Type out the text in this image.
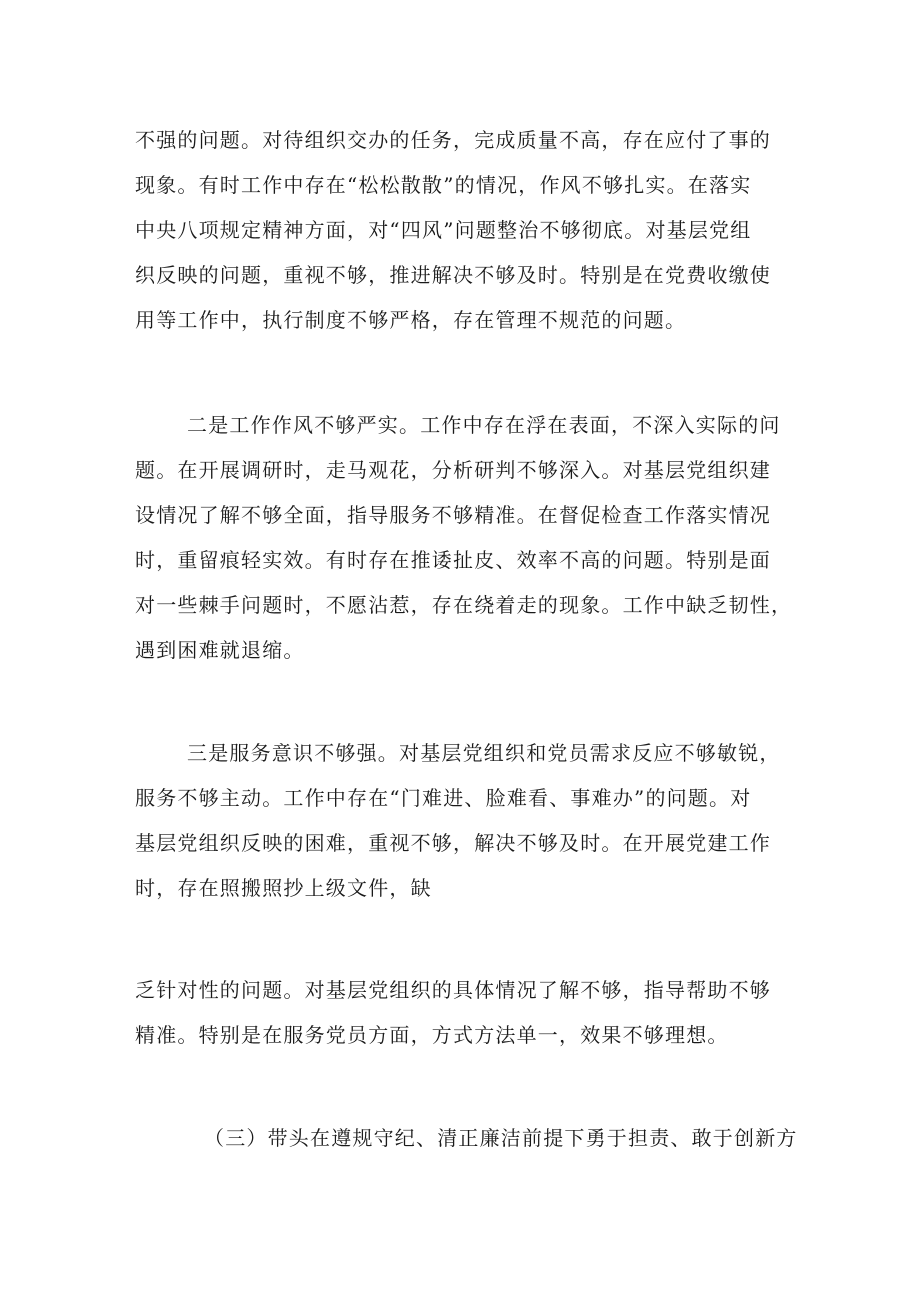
不强的问题。对待组织交办的任务，完成质量不高，存在应付了事的
现象。有时工作中存在“松松散散”的情况，作风不够扎实。在落实
中央八项规定精神方面，对“四风”问题整治不够彻底。对基层党组
织反映的问题，重视不够，推进解决不够及时。特别是在党费收缴使
用等工作中，执行制度不够严格，存在管理不规范的问题。
二是工作作风不够严实。工作中存在浮在表面，不深入实际的问
题。在开展调研时，走马观花，分析研判不够深入。对基层党组织建
设情况了解不够全面，指导服务不够精准。在督促检查工作落实情况
时，重留痕轻实效。有时存在推诿扯皮、效率不高的问题。特别是面
对一些棘手问题时，不愿沾惹，存在绕着走的现象。工作中缺乏韧性，
遇到困难就退缩。
三是服务意识不够强。对基层党组织和党员需求反应不够敏锐，
服务不够主动。工作中存在“门难进、脸难看、事难办”的问题。对
基层党组织反映的困难，重视不够，解决不够及时。在开展党建工作
时，存在照搬照抄上级文件，缺
乏针对性的问题。对基层党组织的具体情况了解不够，指导帮助不够
精准。特别是在服务党员方面，方式方法单一，效果不够理想。
（三）带头在遵规守纪、清正廉洁前提下勇于担责、敢于创新方
